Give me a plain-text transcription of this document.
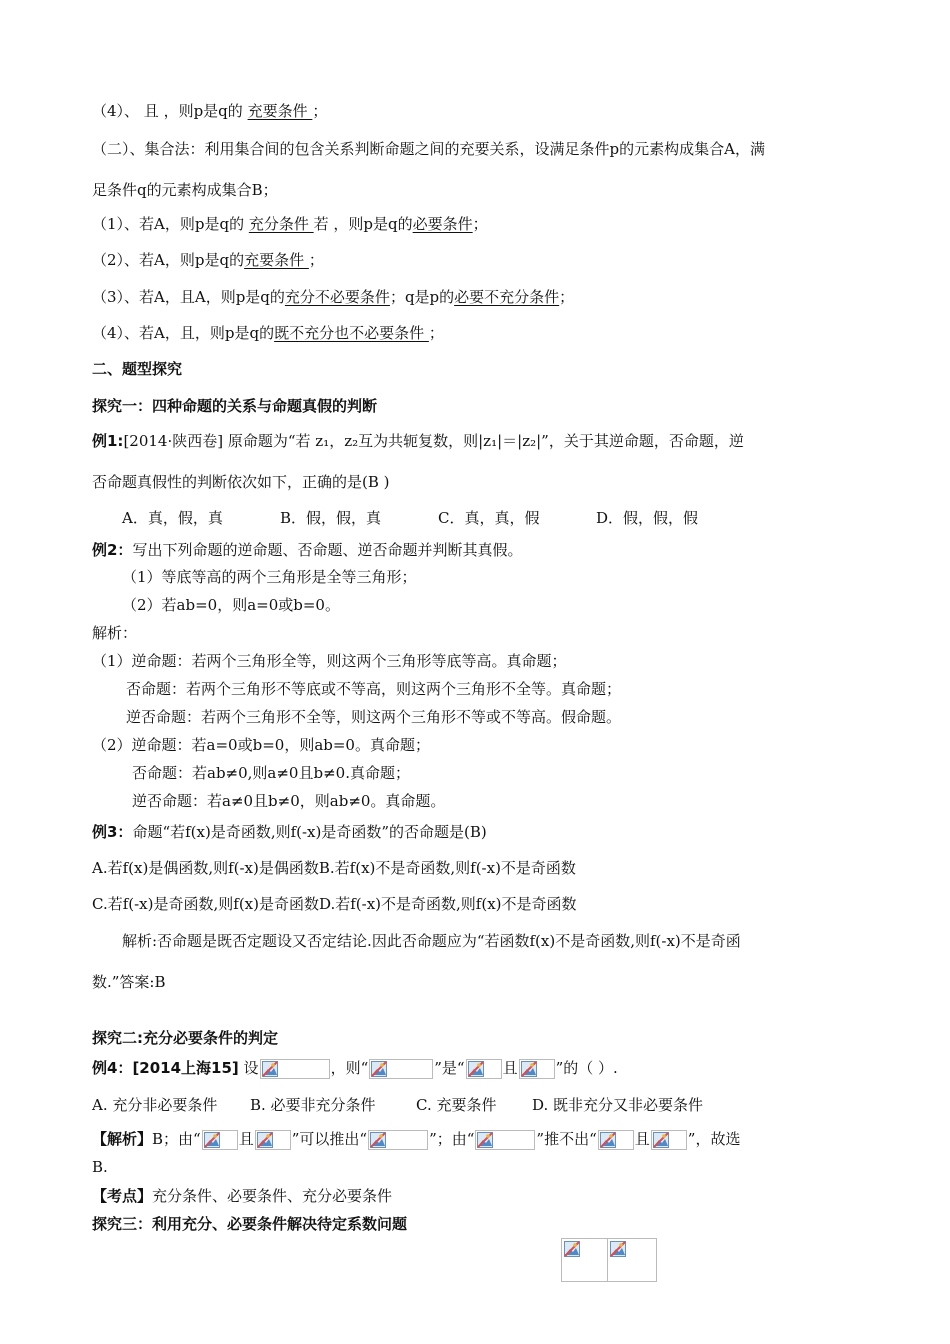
（4）、 且 ，则p是q的 充要条件 ；
（二）、集合法：利用集合间的包含关系判断命题之间的充要关系，设满足条件p的元素构成集合A，满
足条件q的元素构成集合B；
（1）、若A，则p是q的 充分条件 若 ，则p是q的必要条件；
（2）、若A，则p是q的充要条件 ；
（3）、若A，且A，则p是q的充分不必要条件；q是p的必要不充分条件；
（4）、若A，且，则p是q的既不充分也不必要条件 ；
二、题型探究
探究一：四种命题的关系与命题真假的判断
例1:[2014·陕西卷] 原命题为“若 z₁，z₂互为共轭复数，则|z₁|＝|z₂|”，关于其逆命题，否命题，逆
否命题真假性的判断依次如下，正确的是(B )
A．真，假，真	B．假，假，真	C．真，真，假	D．假，假，假
例2：写出下列命题的逆命题、否命题、逆否命题并判断其真假。
（1）等底等高的两个三角形是全等三角形；
（2）若ab=0，则a=0或b=0。
解析：
（1）逆命题：若两个三角形全等，则这两个三角形等底等高。真命题；
否命题：若两个三角形不等底或不等高，则这两个三角形不全等。真命题；
逆否命题：若两个三角形不全等，则这两个三角形不等或不等高。假命题。
（2）逆命题：若a=0或b=0，则ab=0。真命题；
否命题：若ab≠0,则a≠0且b≠0.真命题；
逆否命题：若a≠0且b≠0，则ab≠0。真命题。
例3：命题“若f(x)是奇函数,则f(-x)是奇函数”的否命题是(B)
A.若f(x)是偶函数,则f(-x)是偶函数B.若f(x)不是奇函数,则f(-x)不是奇函数
C.若f(-x)是奇函数,则f(x)是奇函数D.若f(-x)不是奇函数,则f(x)不是奇函数
解析:否命题是既否定题设又否定结论.因此否命题应为“若函数f(x)不是奇函数,则f(-x)不是奇函
数.”答案:B
探究二:充分必要条件的判定
例4：[2014上海15] 设	，则“	”是“	且	”的（ ）.
A. 充分非必要条件 B. 必要非充分条件	C. 充要条件 D. 既非充分又非必要条件
【解析】B；由“	且	”可以推出“	”；由“	”推不出“	且	”，故选
B.
【考点】充分条件、必要条件、充分必要条件
探究三：利用充分、必要条件解决待定系数问题
